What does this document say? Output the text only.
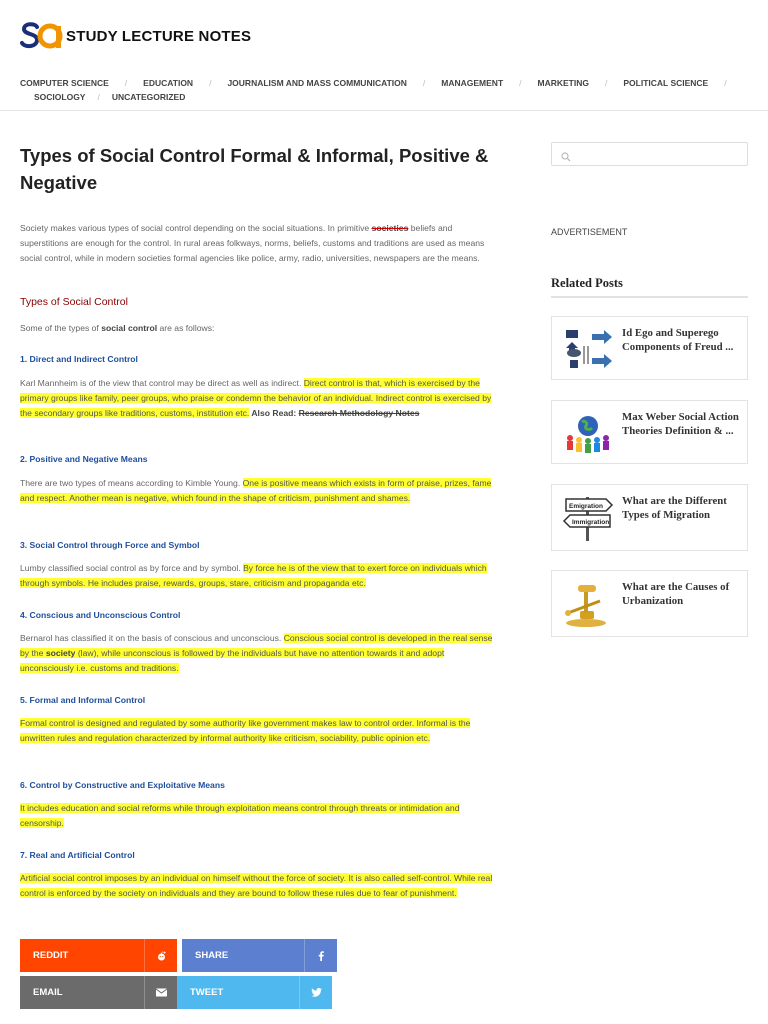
STUDY LECTURE NOTES
COMPUTER SCIENCE	/	EDUCATION	/	JOURNALISM AND MASS COMMUNICATION	/	MANAGEMENT	/	MARKETING	/	POLITICAL SCIENCE	/
SOCIOLOGY	/	UNCATEGORIZED
Types of Social Control Formal & Informal, Positive & Negative

Society makes various types of social control depending on the social situations. In primitive societies beliefs and superstitions are enough for the control. In rural areas folkways, norms, beliefs, customs and traditions are used as means social control, while in modern societies formal agencies like police, army, radio, universities, newspapers are the means.

Types of Social Control
Some of the types of social control are as follows:
1. Direct and Indirect Control
Karl Mannheim is of the view that control may be direct as well as indirect. Direct control is that, which is exercised by the primary groups like family, peer groups, who praise or condemn the behavior of an individual. Indirect control is exercised by the secondary groups like traditions, customs, institution etc. Also Read: Research Methodology Notes
2. Positive and Negative Means
There are two types of means according to Kimble Young. One is positive means which exists in form of praise, prizes, fame and respect. Another mean is negative, which found in the shape of criticism, punishment and shames.
3. Social Control through Force and Symbol
Lumby classified social control as by force and by symbol. By force he is of the view that to exert force on individuals which through symbols. He includes praise, rewards, groups, stare, criticism and propaganda etc.
4. Conscious and Unconscious Control
Bernarol has classified it on the basis of conscious and unconscious. Conscious social control is developed in the real sense by the society (law), while unconscious is followed by the individuals but have no attention towards it and adopt unconsciously i.e. customs and traditions.
5. Formal and Informal Control
Formal control is designed and regulated by some authority like government makes law to control order. Informal is the unwritten rules and regulation characterized by informal authority like criticism, sociability, public opinion etc.
6. Control by Constructive and Exploitative Means
It includes education and social reforms while through exploitation means control through threats or intimidation and censorship.
7. Real and Artificial Control
Artificial social control imposes by an individual on himself without the force of society. It is also called self-control. While real control is enforced by the society on individuals and they are bound to follow these rules due to fear of punishment.
REDDIT	SHARE
EMAIL	TWEET
ADVERTISEMENT
Related Posts
Id Ego and Superego Components of Freud ...
Max Weber Social Action Theories Definition & ...
Emigration
Immigration
What are the Different Types of Migration
What are the Causes of Urbanization
